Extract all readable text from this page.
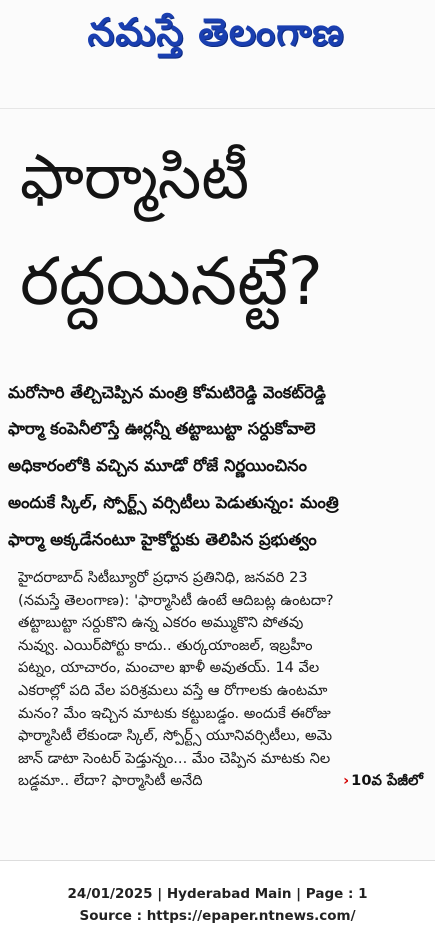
నమస్తే తెలంగాణ
ఫార్మాసిటీ
రద్దయినట్టే?
మరోసారి తేల్చిచెప్పిన మంత్రి కోమటిరెడ్డి వెంకట్‌రెడ్డి
ఫార్మా కంపెనీలొస్తే ఊర్లన్నీ తట్టాబుట్టా సర్దుకోవాలె
అధికారంలోకి వచ్చిన మూడో రోజే నిర్ణయించినం
అందుకే స్కిల్‌, స్పోర్ట్స్‌ వర్సిటీలు పెడుతున్నం: మంత్రి
ఫార్మా అక్కడేనంటూ హైకోర్టుకు తెలిపిన ప్రభుత్వం
హైదరాబాద్‌ సిటీబ్యూరో ప్రధాన ప్రతినిధి, జనవరి 23
(నమస్తే తెలంగాణ): 'ఫార్మాసిటీ ఉంటే ఆదిబట్ల ఉంటదా?
తట్టాబుట్టా సర్దుకొని ఉన్న ఎకరం అమ్ముకొని పోతవు
నువ్వు. ఎయిర్‌పోర్టు కాదు.. తుర్కయాంజల్‌, ఇబ్రహీం
పట్నం, యాచారం, మంచాల ఖాళీ అవుతయ్‌. 14 వేల
ఎకరాల్లో పది వేల పరిశ్రమలు వస్తే ఆ రోగాలకు ఉంటమా
మనం? మేం ఇచ్చిన మాటకు కట్టుబడ్డం. అందుకే ఈరోజు
ఫార్మాసిటీ లేకుండా స్కిల్‌, స్పోర్ట్స్‌ యూనివర్సిటీలు, అమె
జాన్‌ డాటా సెంటర్‌ పెడ్తున్నం... మేం చెప్పిన మాటకు నిల
బడ్డమా.. లేదా? ఫార్మాసిటీ అనేది	› 10వ పేజీలో
24/01/2025 | Hyderabad Main | Page : 1
Source : https://epaper.ntnews.com/
